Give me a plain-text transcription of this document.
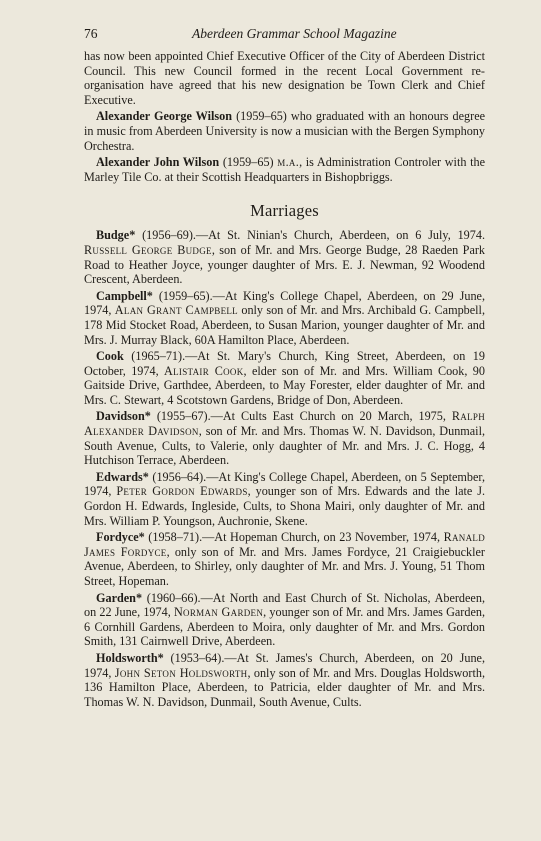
76	Aberdeen Grammar School Magazine

has now been appointed Chief Executive Officer of the City of Aberdeen District Council. This new Council formed in the recent Local Government re-organisation have agreed that his new designation be Town Clerk and Chief Executive.

Alexander George Wilson (1959–65) who graduated with an honours degree in music from Aberdeen University is now a musician with the Bergen Symphony Orchestra.

Alexander John Wilson (1959–65) m.a., is Administration Controler with the Marley Tile Co. at their Scottish Headquarters in Bishopbriggs.

Marriages

Budge* (1956–69).—At St. Ninian's Church, Aberdeen, on 6 July, 1974. Russell George Budge, son of Mr. and Mrs. George Budge, 28 Raeden Park Road to Heather Joyce, younger daughter of Mrs. E. J. Newman, 92 Woodend Crescent, Aberdeen.

Campbell* (1959–65).—At King's College Chapel, Aberdeen, on 29 June, 1974, Alan Grant Campbell only son of Mr. and Mrs. Archibald G. Campbell, 178 Mid Stocket Road, Aberdeen, to Susan Marion, younger daughter of Mr. and Mrs. J. Murray Black, 60A Hamilton Place, Aberdeen.

Cook (1965–71).—At St. Mary's Church, King Street, Aberdeen, on 19 October, 1974, Alistair Cook, elder son of Mr. and Mrs. William Cook, 90 Gaitside Drive, Garthdee, Aberdeen, to May Forester, elder daughter of Mr. and Mrs. C. Stewart, 4 Scotstown Gardens, Bridge of Don, Aberdeen.

Davidson* (1955–67).—At Cults East Church on 20 March, 1975, Ralph Alexander Davidson, son of Mr. and Mrs. Thomas W. N. Davidson, Dunmail, South Avenue, Cults, to Valerie, only daughter of Mr. and Mrs. J. C. Hogg, 4 Hutchison Terrace, Aberdeen.

Edwards* (1956–64).—At King's College Chapel, Aberdeen, on 5 September, 1974, Peter Gordon Edwards, younger son of Mrs. Edwards and the late J. Gordon H. Edwards, Ingleside, Cults, to Shona Mairi, only daughter of Mr. and Mrs. William P. Youngson, Auchronie, Skene.

Fordyce* (1958–71).—At Hopeman Church, on 23 November, 1974, Ranald James Fordyce, only son of Mr. and Mrs. James Fordyce, 21 Craigiebuckler Avenue, Aberdeen, to Shirley, only daughter of Mr. and Mrs. J. Young, 51 Thom Street, Hopeman.

Garden* (1960–66).—At North and East Church of St. Nicholas, Aberdeen, on 22 June, 1974, Norman Garden, younger son of Mr. and Mrs. James Garden, 6 Cornhill Gardens, Aberdeen to Moira, only daughter of Mr. and Mrs. Gordon Smith, 131 Cairnwell Drive, Aberdeen.

Holdsworth* (1953–64).—At St. James's Church, Aberdeen, on 20 June, 1974, John Seton Holdsworth, only son of Mr. and Mrs. Douglas Holdsworth, 136 Hamilton Place, Aberdeen, to Patricia, elder daughter of Mr. and Mrs. Thomas W. N. Davidson, Dunmail, South Avenue, Cults.
